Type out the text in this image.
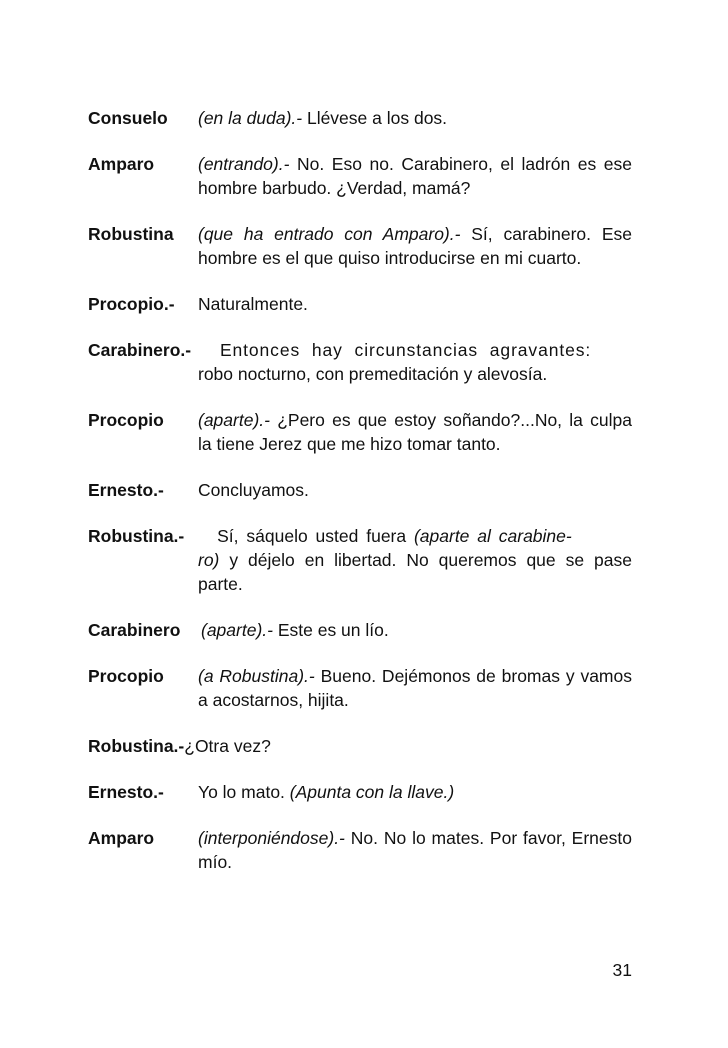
Consuelo (en la duda).- Llévese a los dos.
Amparo	(entrando).- No. Eso no. Carabinero, el ladrón es ese hombre barbudo. ¿Verdad, mamá?
Robustina (que ha entrado con Amparo).- Sí, carabinero. Ese hombre es el que quiso introducirse en mi cuarto.
Procopio.- Naturalmente.
Carabinero.- Entonces hay circunstancias agravantes:
robo nocturno, con premeditación y alevosía.
Procopio (aparte).- ¿Pero es que estoy soñando?...No, la culpa la tiene Jerez que me hizo tomar tanto.
Ernesto.- Concluyamos.
Robustina.- Sí, sáquelo usted fuera (aparte al carabine-
ro) y déjelo en libertad. No queremos que se pase parte.
Carabinero (aparte).- Este es un lío.
Procopio (a Robustina).- Bueno. Dejémonos de bromas y vamos a acostarnos, hijita.
Robustina.-¿Otra vez?
Ernesto.- Yo lo mato. (Apunta con la llave.)
Amparo	(interponiéndose).- No. No lo mates. Por favor, Ernesto mío.
31
